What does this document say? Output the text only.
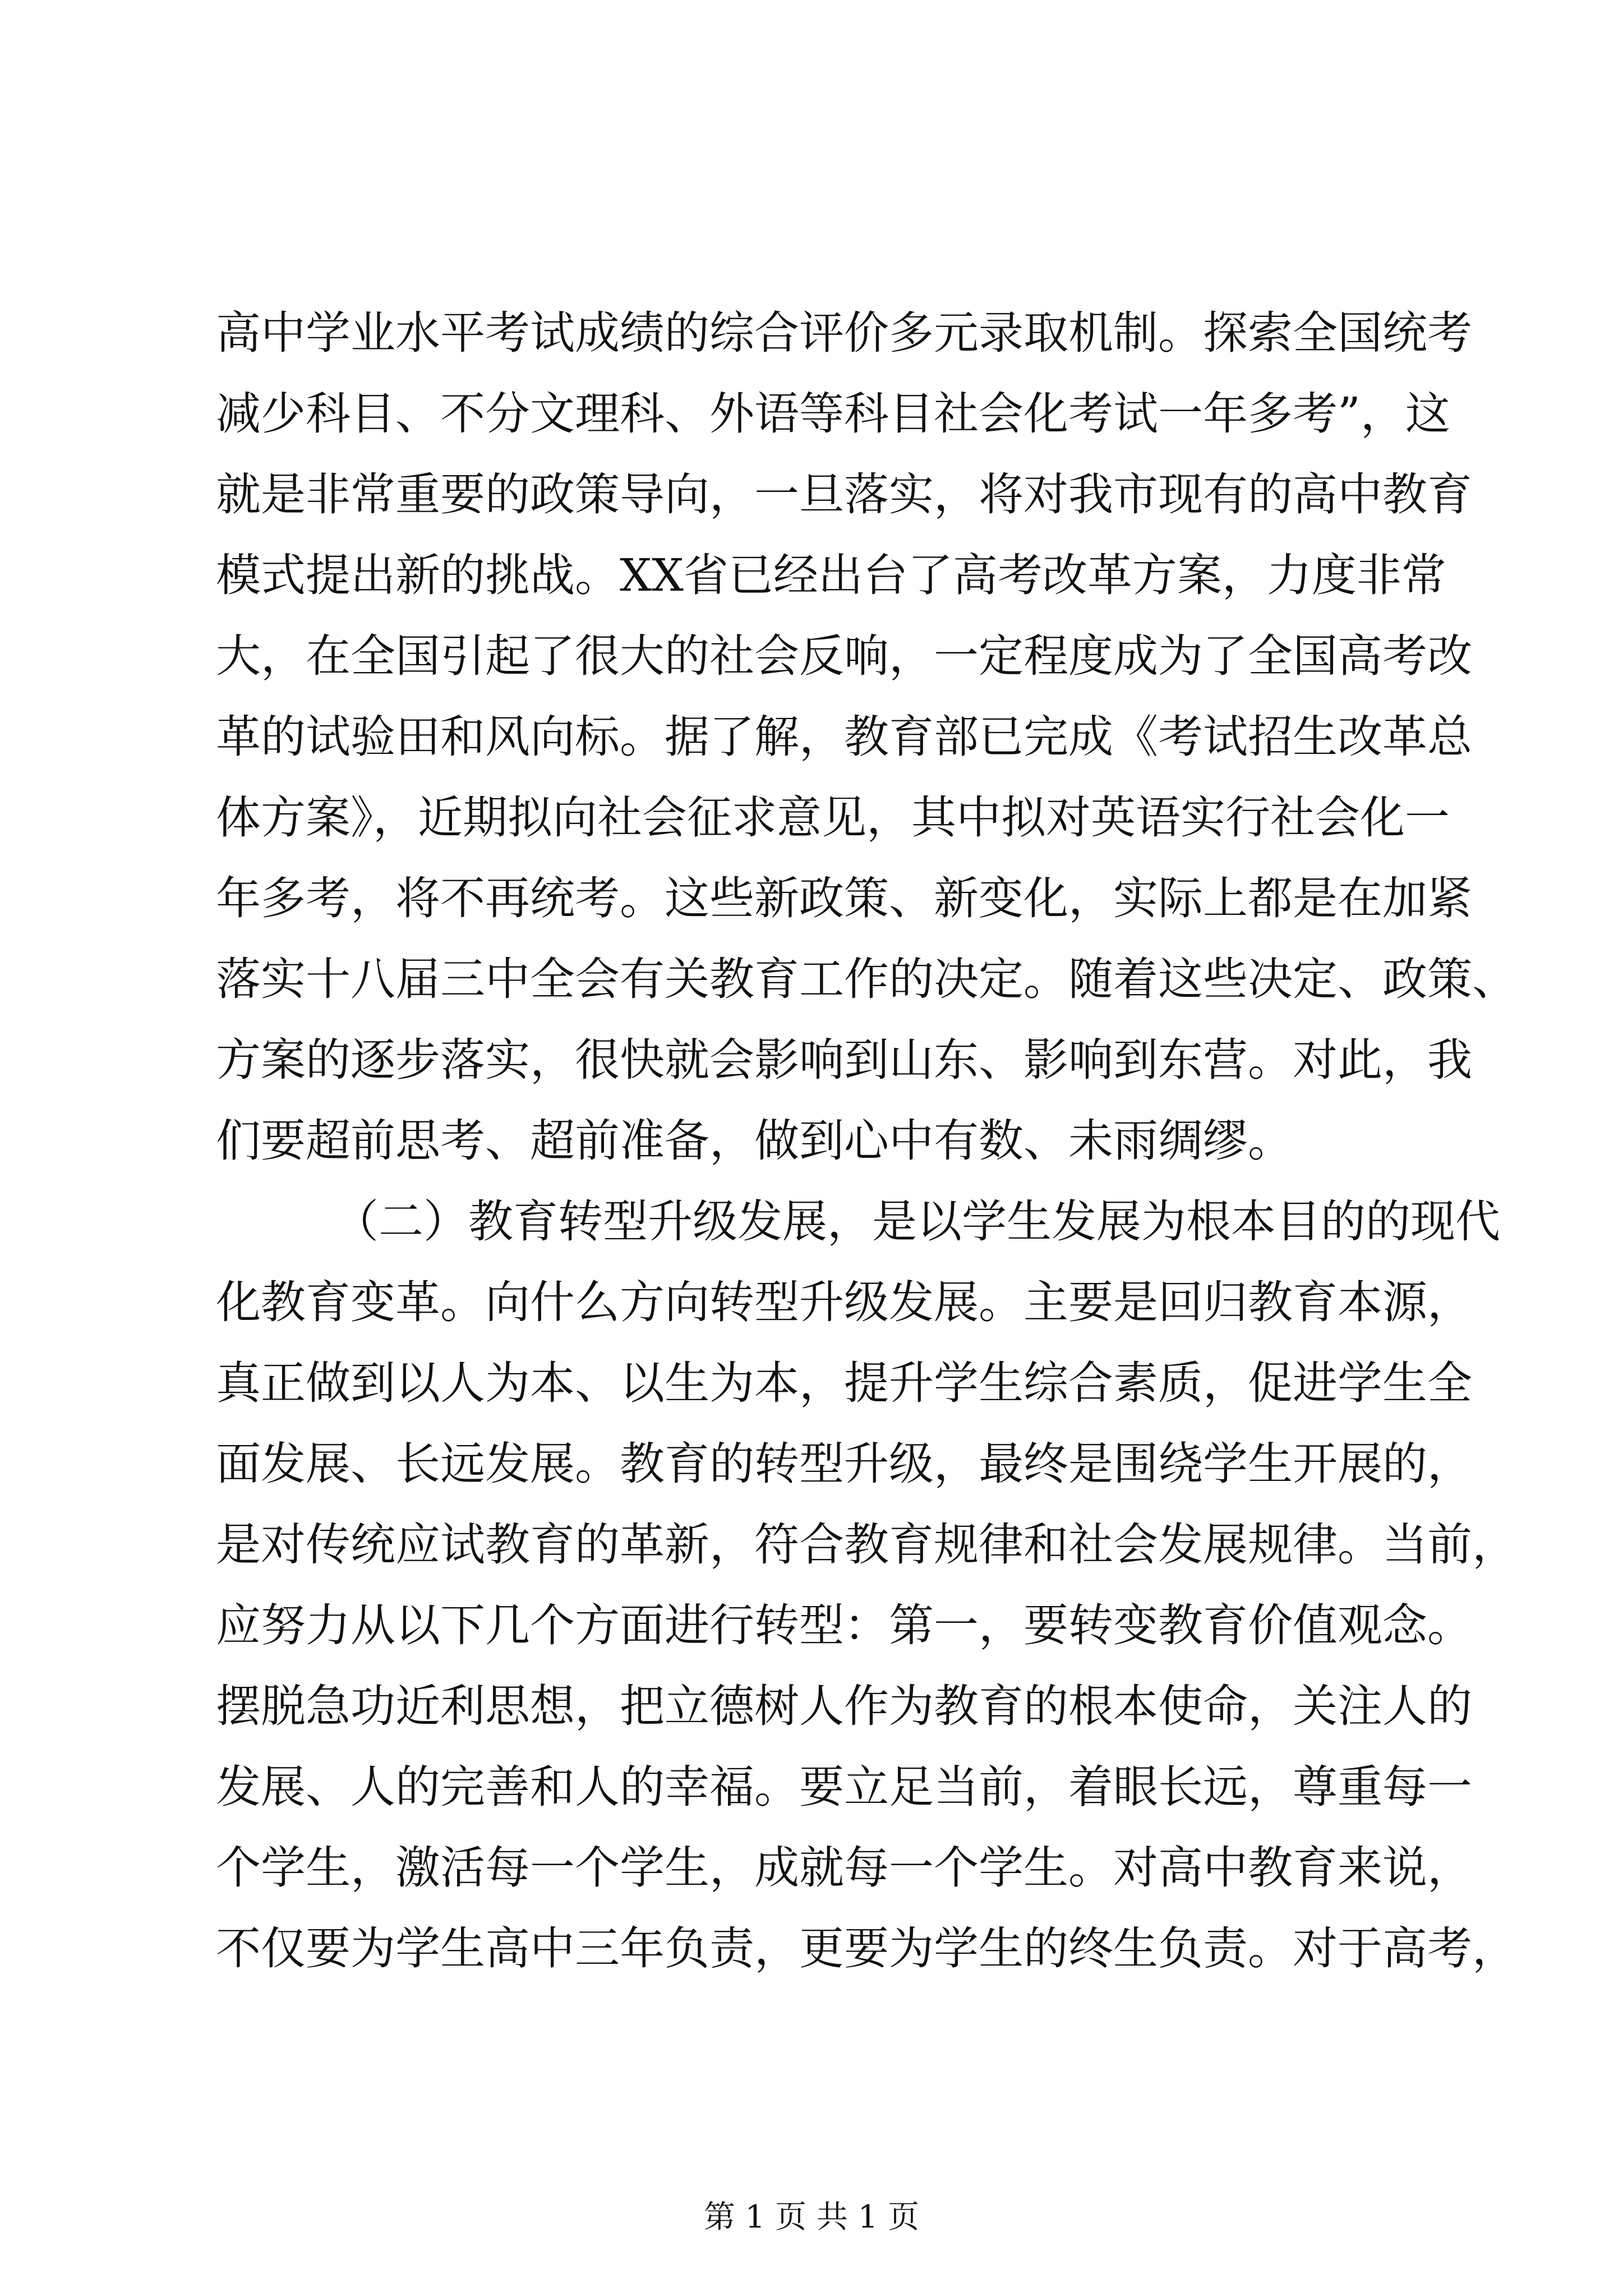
高中学业水平考试成绩的综合评价多元录取机制。探索全国统考
减少科目、不分文理科、外语等科目社会化考试一年多考”，这
就是非常重要的政策导向，一旦落实，将对我市现有的高中教育
模式提出新的挑战。XX省已经出台了高考改革方案，力度非常
大，在全国引起了很大的社会反响，一定程度成为了全国高考改
革的试验田和风向标。据了解，教育部已完成《考试招生改革总
体方案》，近期拟向社会征求意见，其中拟对英语实行社会化一
年多考，将不再统考。这些新政策、新变化，实际上都是在加紧
落实十八届三中全会有关教育工作的决定。随着这些决定、政策、
方案的逐步落实，很快就会影响到山东、影响到东营。对此，我
们要超前思考、超前准备，做到心中有数、未雨绸缪。
（二）教育转型升级发展，是以学生发展为根本目的的现代
化教育变革。向什么方向转型升级发展。主要是回归教育本源，
真正做到以人为本、以生为本，提升学生综合素质，促进学生全
面发展、长远发展。教育的转型升级，最终是围绕学生开展的，
是对传统应试教育的革新，符合教育规律和社会发展规律。当前，
应努力从以下几个方面进行转型：第一，要转变教育价值观念。
摆脱急功近利思想，把立德树人作为教育的根本使命，关注人的
发展、人的完善和人的幸福。要立足当前，着眼长远，尊重每一
个学生，激活每一个学生，成就每一个学生。对高中教育来说，
不仅要为学生高中三年负责，更要为学生的终生负责。对于高考，
第 1 页 共 1 页
